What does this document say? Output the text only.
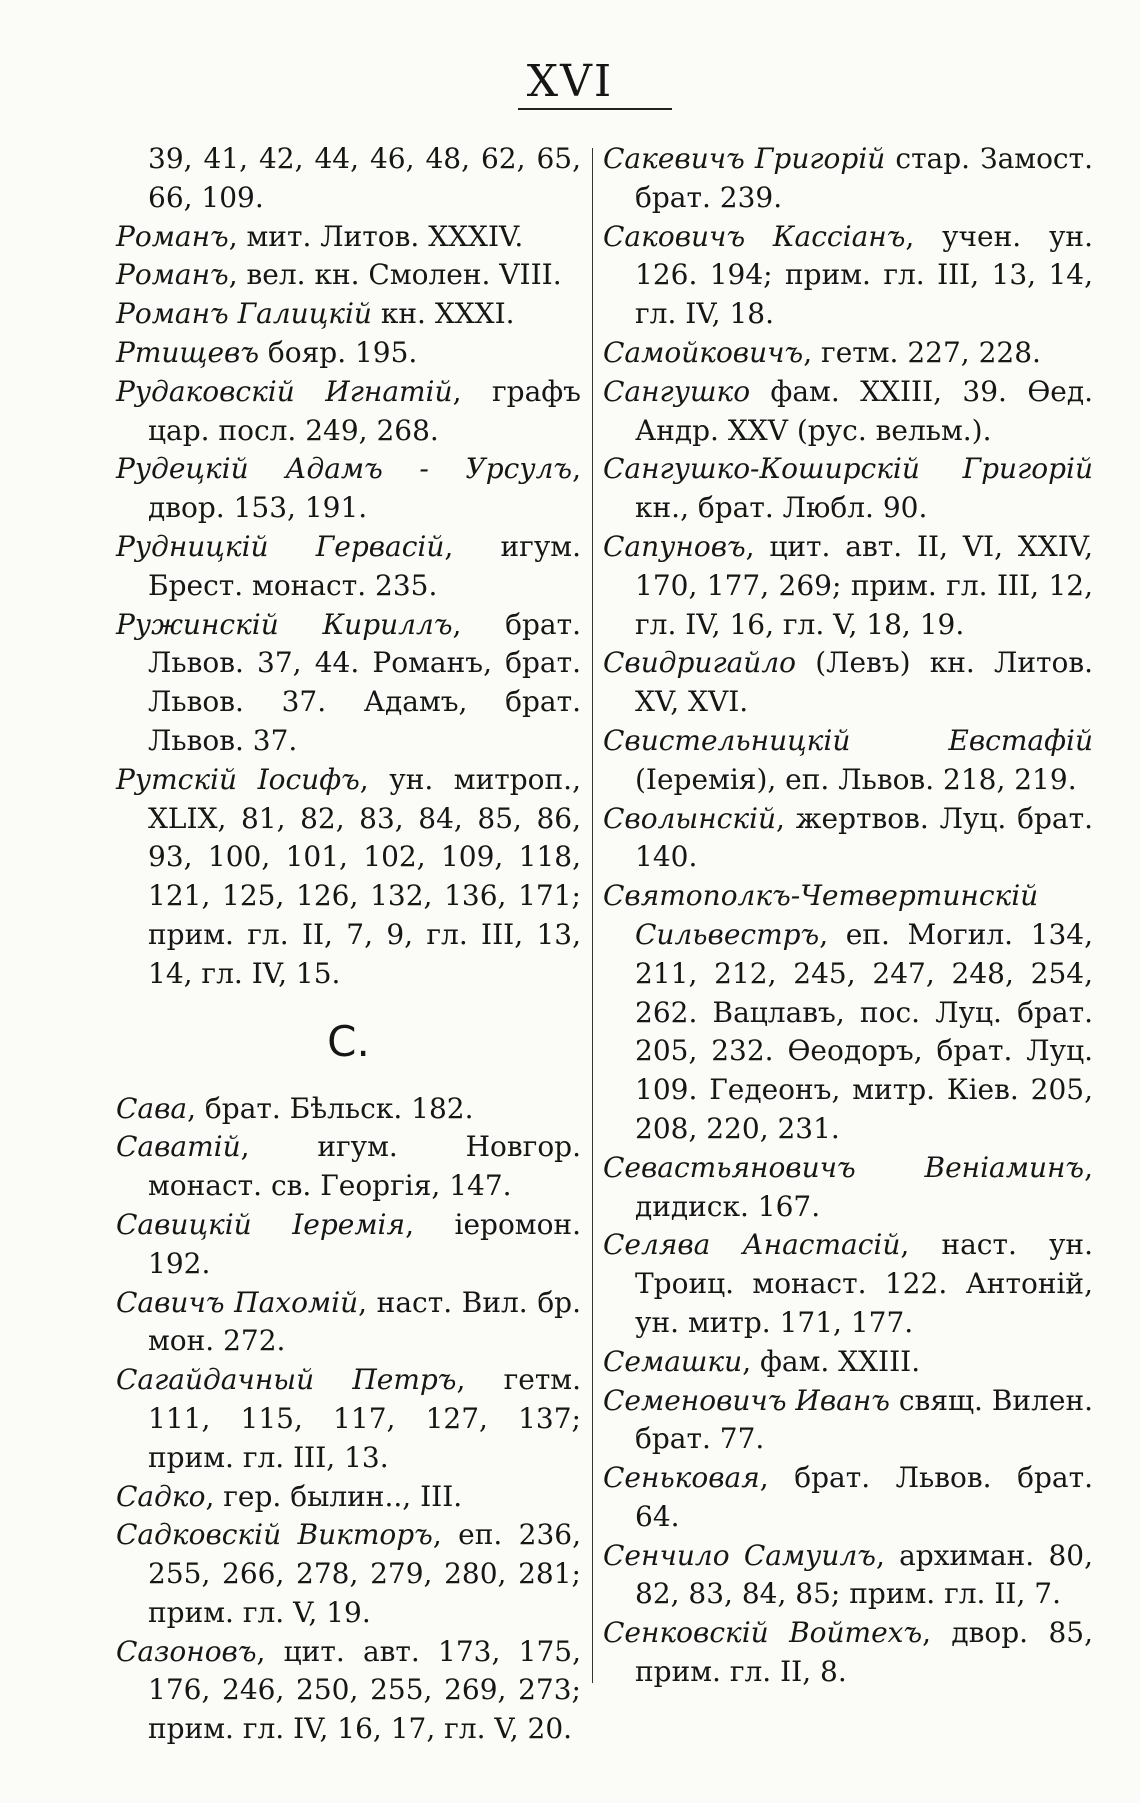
XVI

39, 41, 42, 44, 46, 48, 62, 65, 66, 109.

Романъ, мит. Литов. XXXIV.

Романъ, вел. кн. Смолен. VIII.

Романъ Галицкій кн. XXXI.

Ртищевъ бояр. 195.

Рудаковскій Игнатій, графъ цар. посл. 249, 268.

Рудецкій Адамъ - Урсулъ, двор. 153, 191.

Рудницкій Гервасій, игум. Брест. монаст. 235.

Ружинскій Кириллъ, брат. Львов. 37, 44. Романъ, брат. Львов. 37. Адамъ, брат. Львов. 37.

Рутскій Іосифъ, ун. митроп., XLIX, 81, 82, 83, 84, 85, 86, 93, 100, 101, 102, 109, 118, 121, 125, 126, 132, 136, 171; прим. гл. II, 7, 9, гл. III, 13, 14, гл. IV, 15.

С.

Сава, брат. Бѣльск. 182.

Саватій, игум. Новгор. монаст. св. Георгія, 147.

Савицкій Іеремія, іеромон. 192.

Савичъ Пахомій, наст. Вил. бр. мон. 272.

Сагайдачный Петръ, гетм. 111, 115, 117, 127, 137; прим. гл. III, 13.

Садко, гер. былин.., III.

Садковскій Викторъ, еп. 236, 255, 266, 278, 279, 280, 281; прим. гл. V, 19.

Сазоновъ, цит. авт. 173, 175, 176, 246, 250, 255, 269, 273; прим. гл. IV, 16, 17, гл. V, 20.

Сакевичъ Григорій стар. Замост. брат. 239.

Саковичъ Кассіанъ, учен. ун. 126. 194; прим. гл. III, 13, 14, гл. IV, 18.

Самойковичъ, гетм. 227, 228.

Сангушко фам. XXIII, 39. Ѳед. Андр. XXV (рус. вельм.).

Сангушко-Коширскій Григорій кн., брат. Любл. 90.

Сапуновъ, цит. авт. II, VI, XXIV, 170, 177, 269; прим. гл. III, 12, гл. IV, 16, гл. V, 18, 19.

Свидригайло (Левъ) кн. Литов. XV, XVI.

Свистельницкій Евстафій (Іеремія), еп. Львов. 218, 219.

Сволынскій, жертвов. Луц. брат. 140.

Святополкъ-Четвертинскій Сильвестръ, еп. Могил. 134, 211, 212, 245, 247, 248, 254, 262. Вацлавъ, пос. Луц. брат. 205, 232. Ѳеодоръ, брат. Луц. 109. Гедеонъ, митр. Кіев. 205, 208, 220, 231.

Севастьяновичъ Веніаминъ, дидиск. 167.

Селява Анастасій, наст. ун. Троиц. монаст. 122. Антоній, ун. митр. 171, 177.

Семашки, фам. XXIII.

Семеновичъ Иванъ свящ. Вилен. брат. 77.

Сеньковая, брат. Львов. брат. 64.

Сенчило Самуилъ, архиман. 80, 82, 83, 84, 85; прим. гл. II, 7.

Сенковскій Войтехъ, двор. 85, прим. гл. II, 8.
